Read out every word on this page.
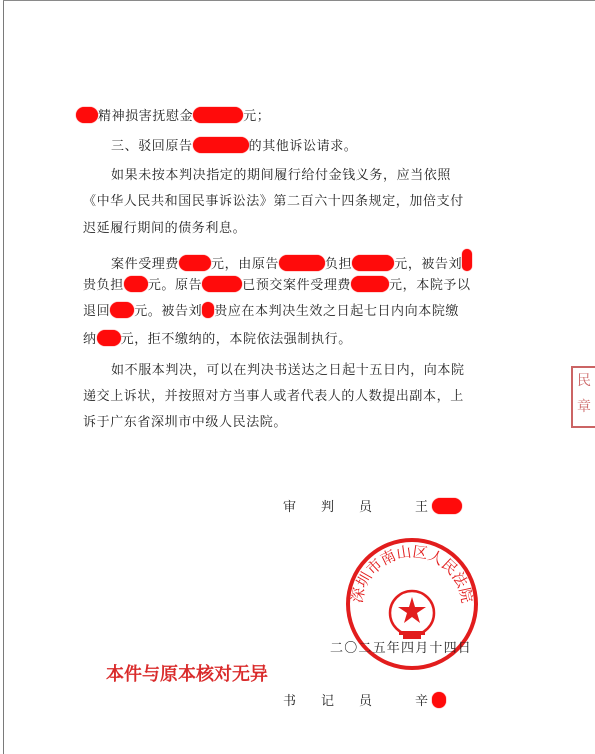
精神损害抚慰金	元；
三、驳回原告	的其他诉讼请求。
如果未按本判决指定的期间履行给付金钱义务，应当依照
《中华人民共和国民事诉讼法》第二百六十四条规定，加倍支付
迟延履行期间的债务利息。
案件受理费 元，由原告	负担	元，被告刘
贵负担 元。原告	已预交案件受理费	元，本院予以
退回 元。被告刘 贵应在本判决生效之日起七日内向本院缴
纳 元，拒不缴纳的，本院依法强制执行。
如不服本判决，可以在判决书送达之日起十五日内，向本院
递交上诉状，并按照对方当事人或者代表人的人数提出副本，上
诉于广东省深圳市中级人民法院。
审 判 员	王
深圳市南山区人民法院
二〇二五年四月十四日
本件与原本核对无异
书 记 员	辛
民
章
